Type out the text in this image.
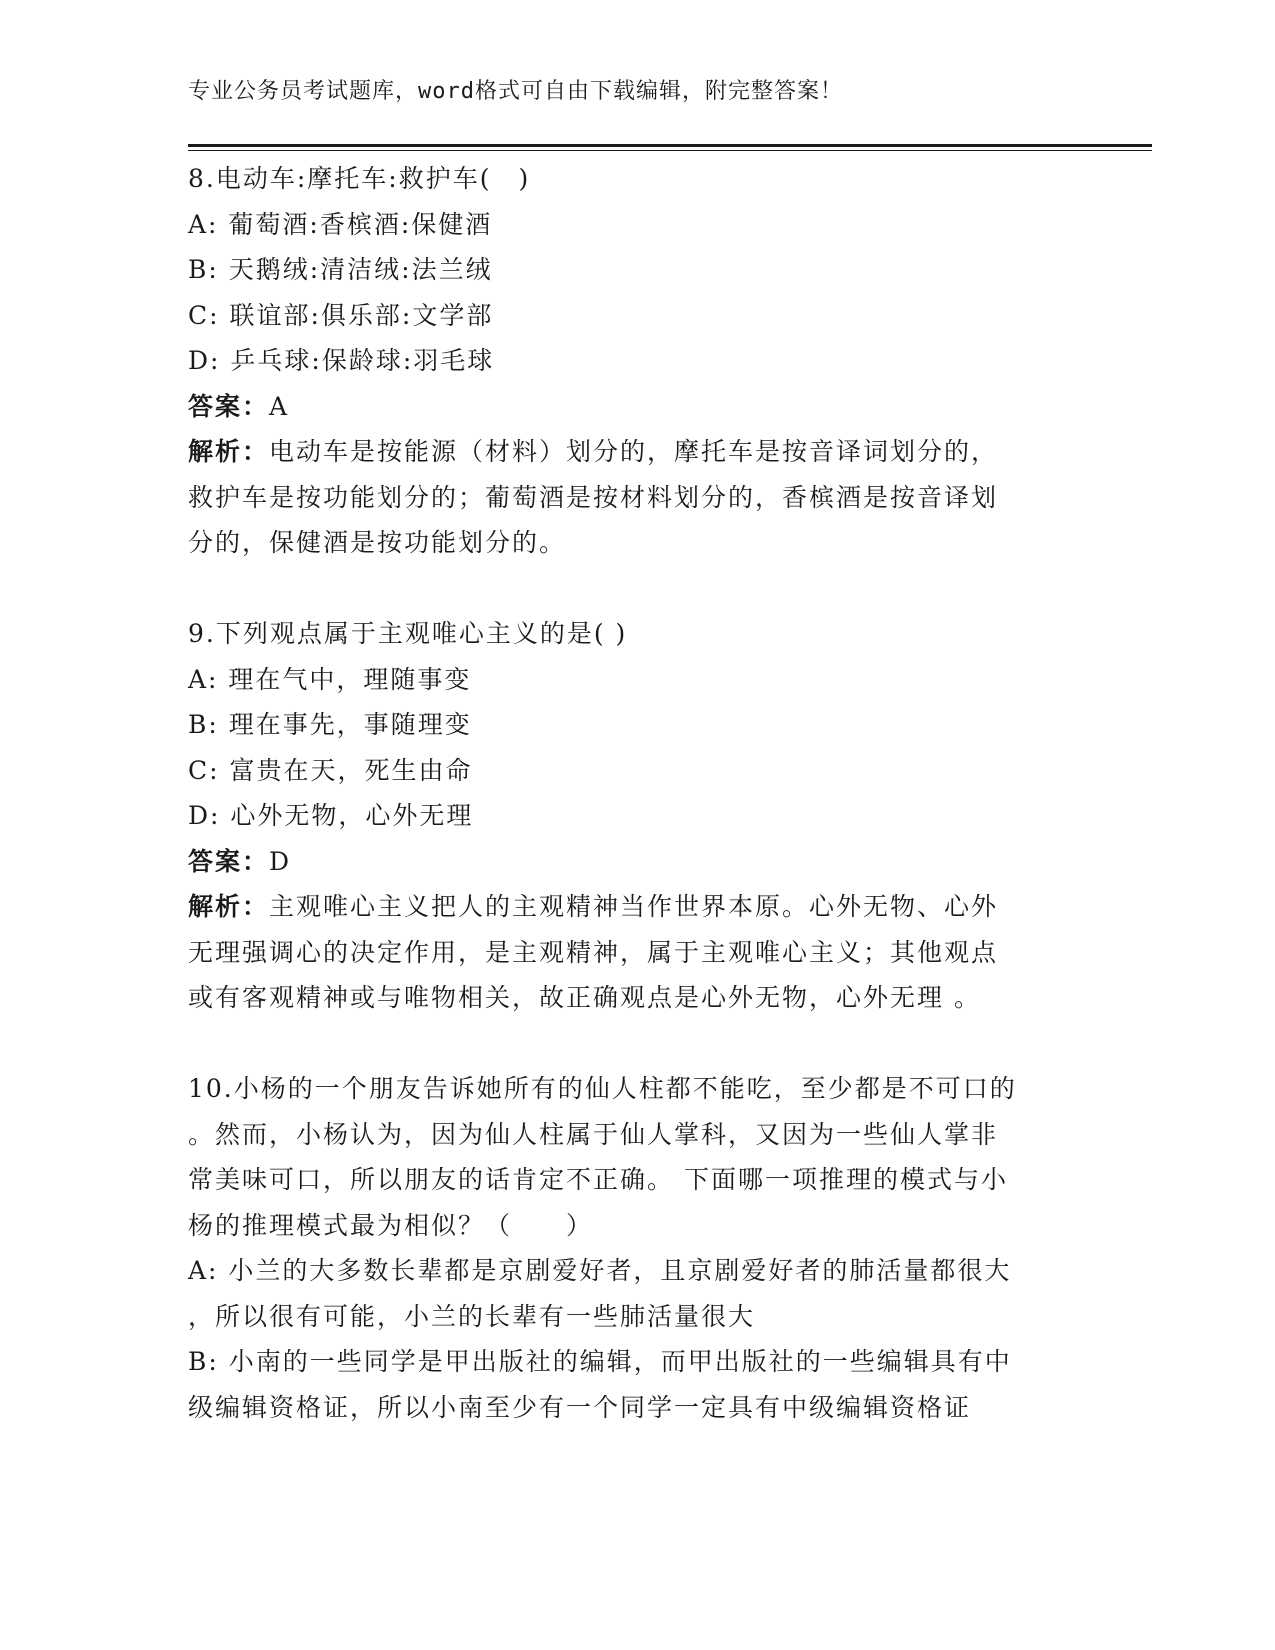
专业公务员考试题库，word格式可自由下载编辑，附完整答案！
8.电动车:摩托车:救护车(　)
A: 葡萄酒:香槟酒:保健酒
B: 天鹅绒:清洁绒:法兰绒
C: 联谊部:俱乐部:文学部
D: 乒乓球:保龄球:羽毛球
答案：A
解析：电动车是按能源（材料）划分的，摩托车是按音译词划分的，
救护车是按功能划分的；葡萄酒是按材料划分的，香槟酒是按音译划
分的，保健酒是按功能划分的。
9.下列观点属于主观唯心主义的是( )
A: 理在气中，理随事变
B: 理在事先，事随理变
C: 富贵在天，死生由命
D: 心外无物，心外无理
答案：D
解析：主观唯心主义把人的主观精神当作世界本原。心外无物、心外
无理强调心的决定作用，是主观精神，属于主观唯心主义；其他观点
或有客观精神或与唯物相关，故正确观点是心外无物，心外无理 。
10.小杨的一个朋友告诉她所有的仙人柱都不能吃，至少都是不可口的
。然而，小杨认为，因为仙人柱属于仙人掌科，又因为一些仙人掌非
常美味可口，所以朋友的话肯定不正确。 下面哪一项推理的模式与小
杨的推理模式最为相似？（　　）
A: 小兰的大多数长辈都是京剧爱好者，且京剧爱好者的肺活量都很大
，所以很有可能，小兰的长辈有一些肺活量很大
B: 小南的一些同学是甲出版社的编辑，而甲出版社的一些编辑具有中
级编辑资格证，所以小南至少有一个同学一定具有中级编辑资格证
